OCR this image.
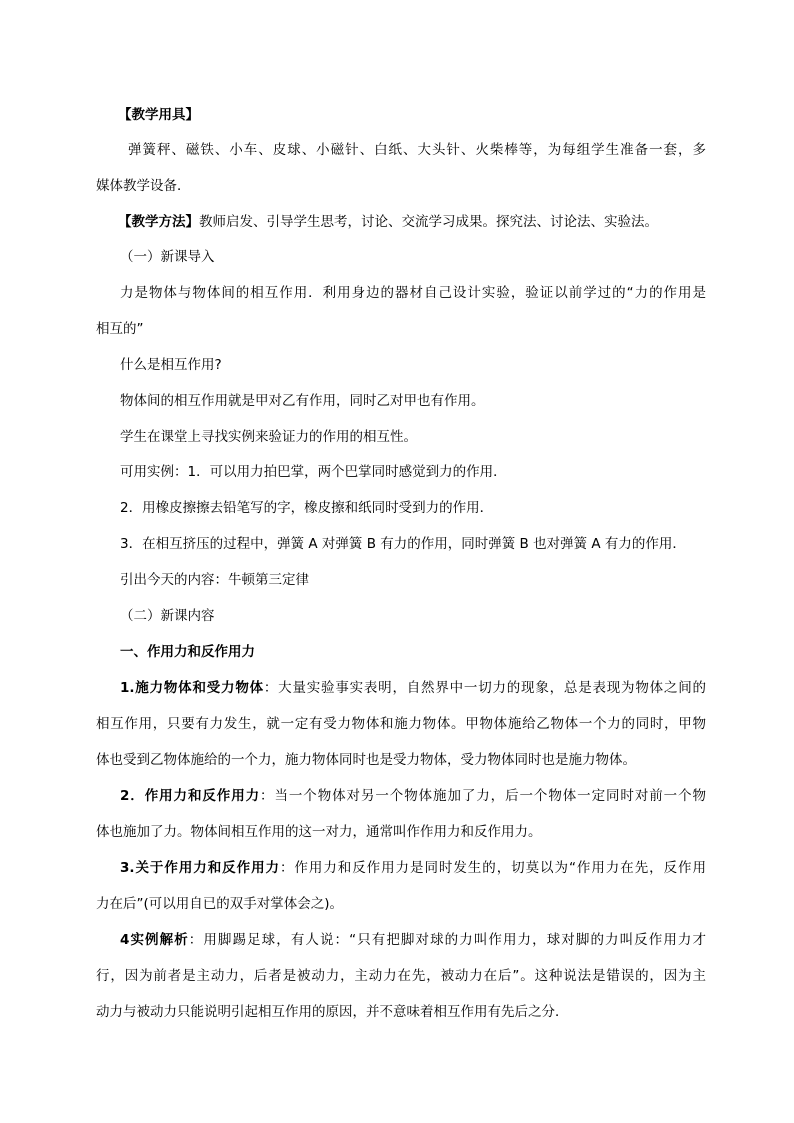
【教学用具】
弹簧秤、磁铁、小车、皮球、小磁针、白纸、大头针、火柴棒等，为每组学生准备一套，多
媒体教学设备．
【教学方法】教师启发、引导学生思考，讨论、交流学习成果。探究法、讨论法、实验法。
（一）新课导入
力是物体与物体间的相互作用．利用身边的器材自己设计实验，验证以前学过的“力的作用是
相互的”
什么是相互作用?
物体间的相互作用就是甲对乙有作用，同时乙对甲也有作用。
学生在课堂上寻找实例来验证力的作用的相互性。
可用实例：1．可以用力拍巴掌，两个巴掌同时感觉到力的作用．
2．用橡皮擦擦去铅笔写的字，橡皮擦和纸同时受到力的作用．
3．在相互挤压的过程中，弹簧 A 对弹簧 B 有力的作用，同时弹簧 B 也对弹簧 A 有力的作用．
引出今天的内容：牛顿第三定律
（二）新课内容
一、作用力和反作用力
1.施力物体和受力物体：大量实验事实表明，自然界中一切力的现象，总是表现为物体之间的
相互作用，只要有力发生，就一定有受力物体和施力物体。甲物体施给乙物体一个力的同时，甲物
体也受到乙物体施给的一个力，施力物体同时也是受力物体，受力物体同时也是施力物体。
2．作用力和反作用力：当一个物体对另一个物体施加了力，后一个物体一定同时对前一个物
体也施加了力。物体间相互作用的这一对力，通常叫作作用力和反作用力。
3.关于作用力和反作用力：作用力和反作用力是同时发生的，切莫以为“作用力在先，反作用
力在后”(可以用自已的双手对掌体会之)。
4实例解析：用脚踢足球，有人说：“只有把脚对球的力叫作用力，球对脚的力叫反作用力才
行，因为前者是主动力，后者是被动力，主动力在先，被动力在后”。这种说法是错误的，因为主
动力与被动力只能说明引起相互作用的原因，并不意味着相互作用有先后之分．
